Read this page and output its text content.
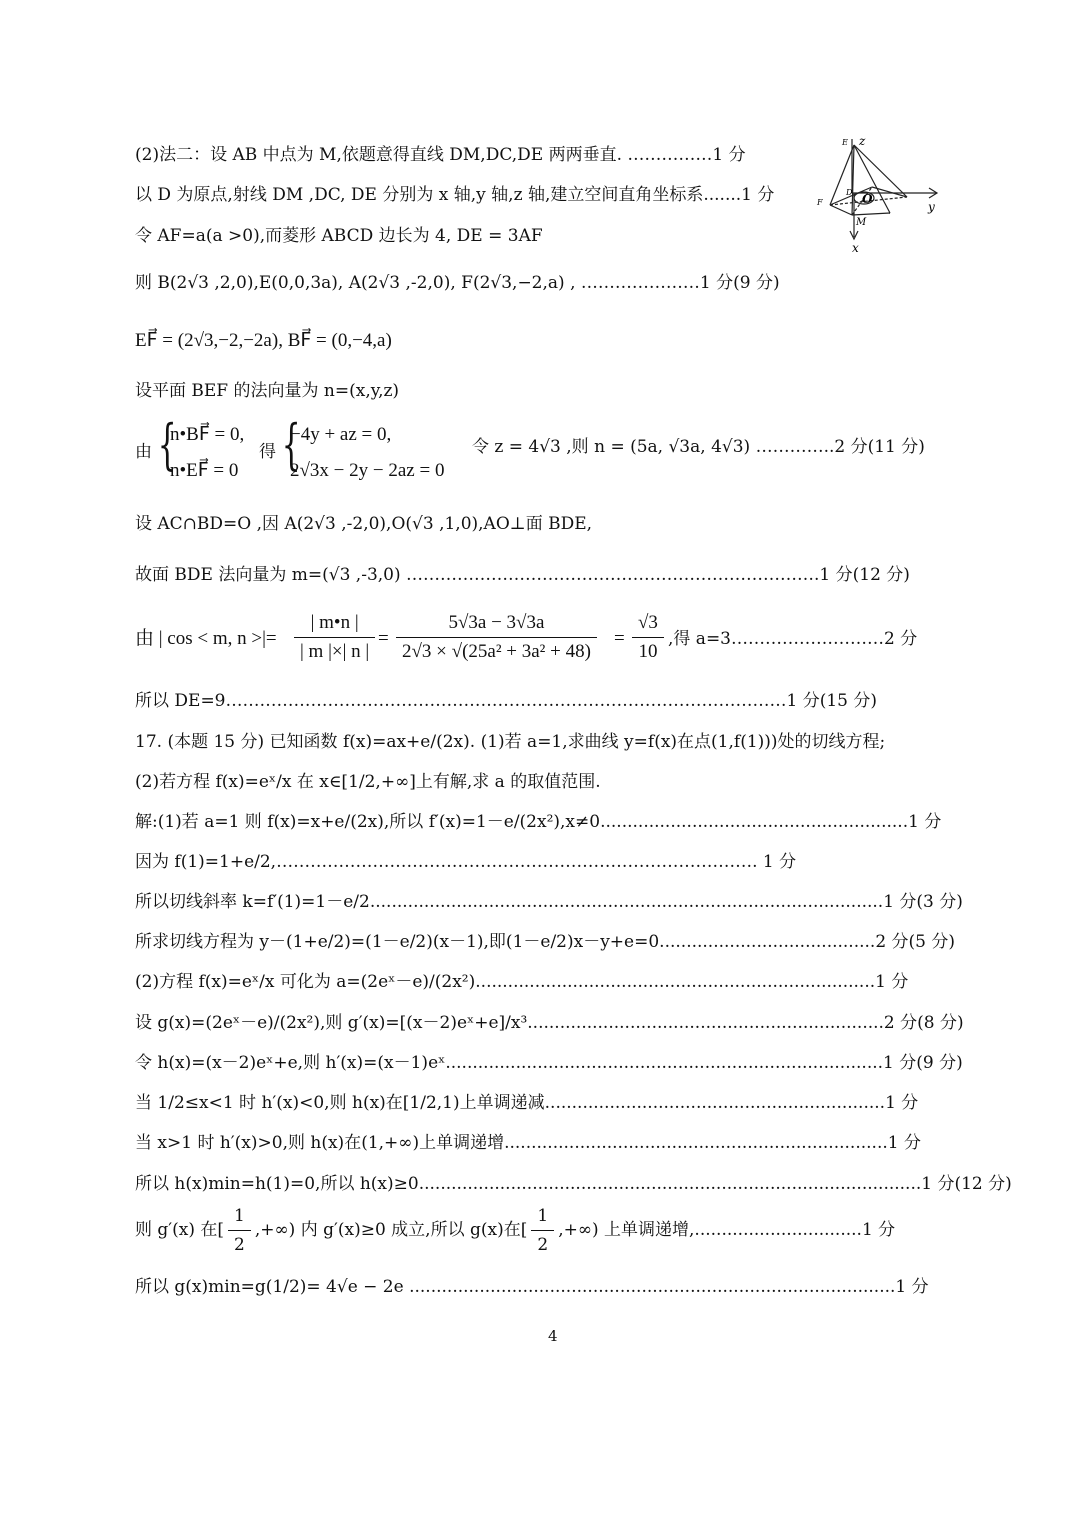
z
y
x
O
M
F
E
D
(2)法二：设 AB 中点为 M,依题意得直线 DM,DC,DE 两两垂直. ……………1 分
以 D 为原点,射线 DM ,DC, DE 分别为 x 轴,y 轴,z 轴,建立空间直角坐标系.......1 分
令 AF=a(a >0),而菱形 ABCD 边长为 4, DE = 3AF
则 B(2√3 ,2,0),E(0,0,3a), A(2√3 ,-2,0), F(2√3,−2,a) , …………………1 分(9 分)
EF⃗ = (2√3,−2,−2a), BF⃗ = (0,−4,a)
设平面 BEF 的法向量为 n=(x,y,z)
由 {
n•BF⃗ = 0,
n•EF⃗ = 0
得 {
−4y + az = 0,
2√3x − 2y − 2az = 0
令 z = 4√3 ,则 n = (5a, √3a, 4√3) …………..2 分(11 分)
设 AC∩BD=O ,因 A(2√3 ,-2,0),O(√3 ,1,0),AO⊥面 BDE,
故面 BDE 法向量为 m=(√3 ,-3,0) ……………………………………………………………….1 分(12 分)
由 | cos < m, n >|= $\frac{| m•n |}{| m |\times| n |} = \frac{5√3a - 3√3a}{\text{2√3 × √(25a² + 3a² + 48)}} = \frac{√3}{10}$ ,得 a=3………………………2 分
所以 DE=9………………………………………………………………………………………1 分(15 分)
17. (本题 15 分) 已知函数 f(x)=ax+e/(2x). (1)若 a=1,求曲线 y=f(x)在点(1,f(1)))处的切线方程;
(2)若方程 f(x)=eˣ/x 在 x∈[1/2,+∞]上有解,求 a 的取值范围.
解:(1)若 a=1 则 f(x)=x+e/(2x),所以 f′(x)=1－e/(2x²),x≠0.........................................................1 分
因为 f(1)=1+e/2,…………………………………………………………………………. 1 分
所以切线斜率 k=f′(1)=1－e/2...............................................................................................1 分(3 分)
所求切线方程为 y－(1+e/2)=(1－e/2)(x－1),即(1－e/2)x－y+e=0........................................2 分(5 分)
(2)方程 f(x)=eˣ/x 可化为 a=(2eˣ－e)/(2x²)..........................................................................1 分
设 g(x)=(2eˣ－e)/(2x²),则 g′(x)=[(x－2)eˣ+e]/x³..................................................................2 分(8 分)
令 h(x)=(x－2)eˣ+e,则 h′(x)=(x－1)eˣ.................................................................................1 分(9 分)
当 1/2≤x<1 时 h′(x)<0,则 h(x)在[1/2,1)上单调递减...............................................................1 分
当 x>1 时 h′(x)>0,则 h(x)在(1,+∞)上单调递增.......................................................................1 分
所以 h(x)min=h(1)=0,所以 h(x)≥0.............................................................................................1 分(12 分)
则 g′(x) 在[ $\frac{1}{2}$ ,+∞) 内 g′(x)≥0 成立,所以 g(x)在[ $\frac{1}{2}$ ,+∞) 上单调递增,...............................1 分
所以 g(x)min=g(1/2)= 4√e − 2e ..........................................................................................1 分
4
